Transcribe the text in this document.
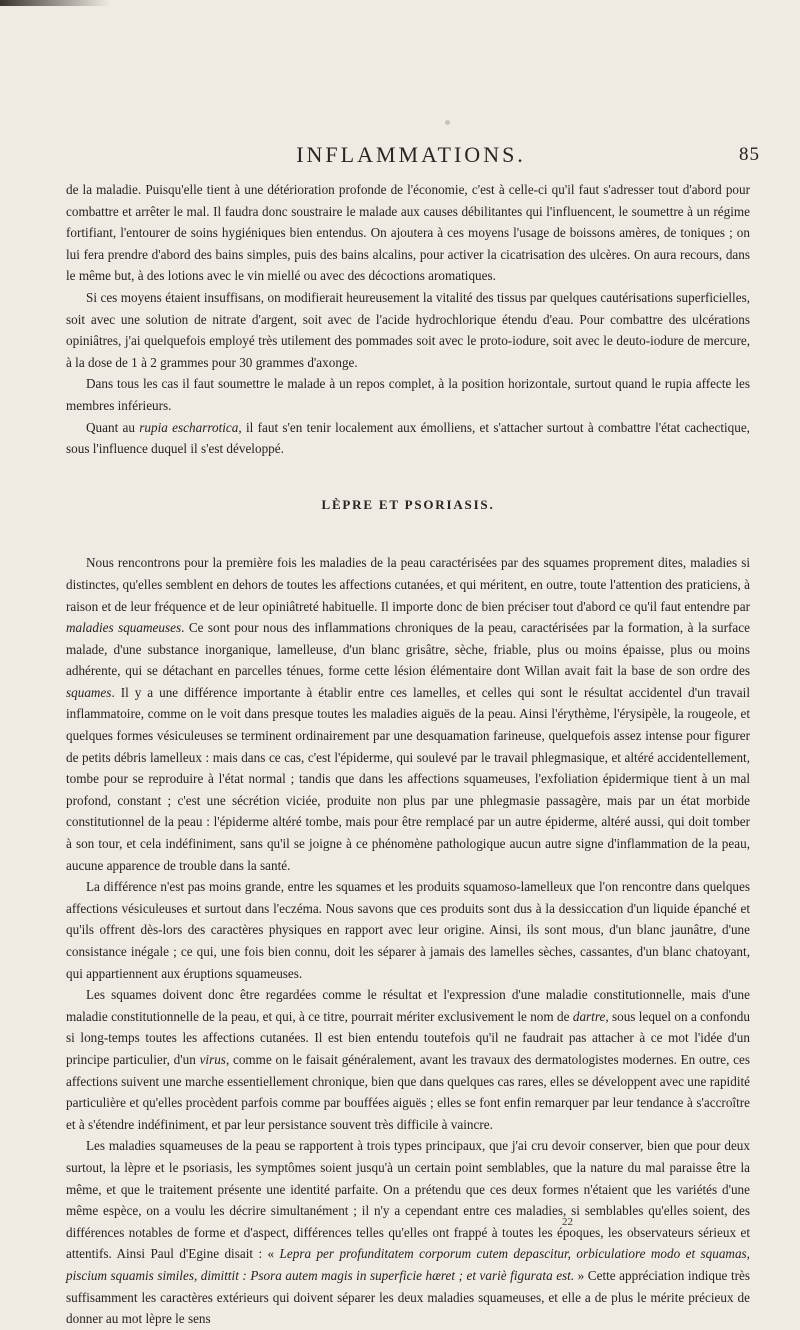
INFLAMMATIONS.	85

de la maladie. Puisqu'elle tient à une détérioration profonde de l'économie, c'est à celle-ci qu'il faut s'adresser tout d'abord pour combattre et arrêter le mal. Il faudra donc soustraire le malade aux causes débilitantes qui l'influencent, le soumettre à un régime fortifiant, l'entourer de soins hygiéniques bien entendus. On ajoutera à ces moyens l'usage de boissons amères, de toniques ; on lui fera prendre d'abord des bains simples, puis des bains alcalins, pour activer la cicatrisation des ulcères. On aura recours, dans le même but, à des lotions avec le vin miellé ou avec des décoctions aromatiques.

Si ces moyens étaient insuffisans, on modifierait heureusement la vitalité des tissus par quelques cautérisations superficielles, soit avec une solution de nitrate d'argent, soit avec de l'acide hydrochlorique étendu d'eau. Pour combattre des ulcérations opiniâtres, j'ai quelquefois employé très utilement des pommades soit avec le proto-iodure, soit avec le deuto-iodure de mercure, à la dose de 1 à 2 grammes pour 30 grammes d'axonge.

Dans tous les cas il faut soumettre le malade à un repos complet, à la position horizontale, surtout quand le rupia affecte les membres inférieurs.

Quant au rupia escharrotica, il faut s'en tenir localement aux émolliens, et s'attacher surtout à combattre l'état cachectique, sous l'influence duquel il s'est développé.

LÈPRE ET PSORIASIS.

Nous rencontrons pour la première fois les maladies de la peau caractérisées par des squames proprement dites, maladies si distinctes, qu'elles semblent en dehors de toutes les affections cutanées, et qui méritent, en outre, toute l'attention des praticiens, à raison et de leur fréquence et de leur opiniâtreté habituelle. Il importe donc de bien préciser tout d'abord ce qu'il faut entendre par maladies squameuses. Ce sont pour nous des inflammations chroniques de la peau, caractérisées par la formation, à la surface malade, d'une substance inorganique, lamelleuse, d'un blanc grisâtre, sèche, friable, plus ou moins épaisse, plus ou moins adhérente, qui se détachant en parcelles ténues, forme cette lésion élémentaire dont Willan avait fait la base de son ordre des squames. Il y a une différence importante à établir entre ces lamelles, et celles qui sont le résultat accidentel d'un travail inflammatoire, comme on le voit dans presque toutes les maladies aiguës de la peau. Ainsi l'érythème, l'érysipèle, la rougeole, et quelques formes vésiculeuses se terminent ordinairement par une desquamation farineuse, quelquefois assez intense pour figurer de petits débris lamelleux : mais dans ce cas, c'est l'épiderme, qui soulevé par le travail phlegmasique, et altéré accidentellement, tombe pour se reproduire à l'état normal ; tandis que dans les affections squameuses, l'exfoliation épidermique tient à un mal profond, constant ; c'est une sécrétion viciée, produite non plus par une phlegmasie passagère, mais par un état morbide constitutionnel de la peau : l'épiderme altéré tombe, mais pour être remplacé par un autre épiderme, altéré aussi, qui doit tomber à son tour, et cela indéfiniment, sans qu'il se joigne à ce phénomène pathologique aucun autre signe d'inflammation de la peau, aucune apparence de trouble dans la santé.

La différence n'est pas moins grande, entre les squames et les produits squamoso-lamelleux que l'on rencontre dans quelques affections vésiculeuses et surtout dans l'eczéma. Nous savons que ces produits sont dus à la dessiccation d'un liquide épanché et qu'ils offrent dès-lors des caractères physiques en rapport avec leur origine. Ainsi, ils sont mous, d'un blanc jaunâtre, d'une consistance inégale ; ce qui, une fois bien connu, doit les séparer à jamais des lamelles sèches, cassantes, d'un blanc chatoyant, qui appartiennent aux éruptions squameuses.

Les squames doivent donc être regardées comme le résultat et l'expression d'une maladie constitutionnelle, mais d'une maladie constitutionnelle de la peau, et qui, à ce titre, pourrait mériter exclusivement le nom de dartre, sous lequel on a confondu si long-temps toutes les affections cutanées. Il est bien entendu toutefois qu'il ne faudrait pas attacher à ce mot l'idée d'un principe particulier, d'un virus, comme on le faisait généralement, avant les travaux des dermatologistes modernes. En outre, ces affections suivent une marche essentiellement chronique, bien que dans quelques cas rares, elles se développent avec une rapidité particulière et qu'elles procèdent parfois comme par bouffées aiguës ; elles se font enfin remarquer par leur tendance à s'accroître et à s'étendre indéfiniment, et par leur persistance souvent très difficile à vaincre.

Les maladies squameuses de la peau se rapportent à trois types principaux, que j'ai cru devoir conserver, bien que pour deux surtout, la lèpre et le psoriasis, les symptômes soient jusqu'à un certain point semblables, que la nature du mal paraisse être la même, et que le traitement présente une identité parfaite. On a prétendu que ces deux formes n'étaient que les variétés d'une même espèce, on a voulu les décrire simultanément ; il n'y a cependant entre ces maladies, si semblables qu'elles soient, des différences notables de forme et d'aspect, différences telles qu'elles ont frappé à toutes les époques, les observateurs sérieux et attentifs. Ainsi Paul d'Egine disait : « Lepra per profunditatem corporum cutem depascitur, orbiculatiore modo et squamas, piscium squamis similes, dimittit : Psora autem magis in superficie hæret ; et variè figurata est. » Cette appréciation indique très suffisamment les caractères extérieurs qui doivent séparer les deux maladies squameuses, et elle a de plus le mérite précieux de donner au mot lèpre le sens

22
